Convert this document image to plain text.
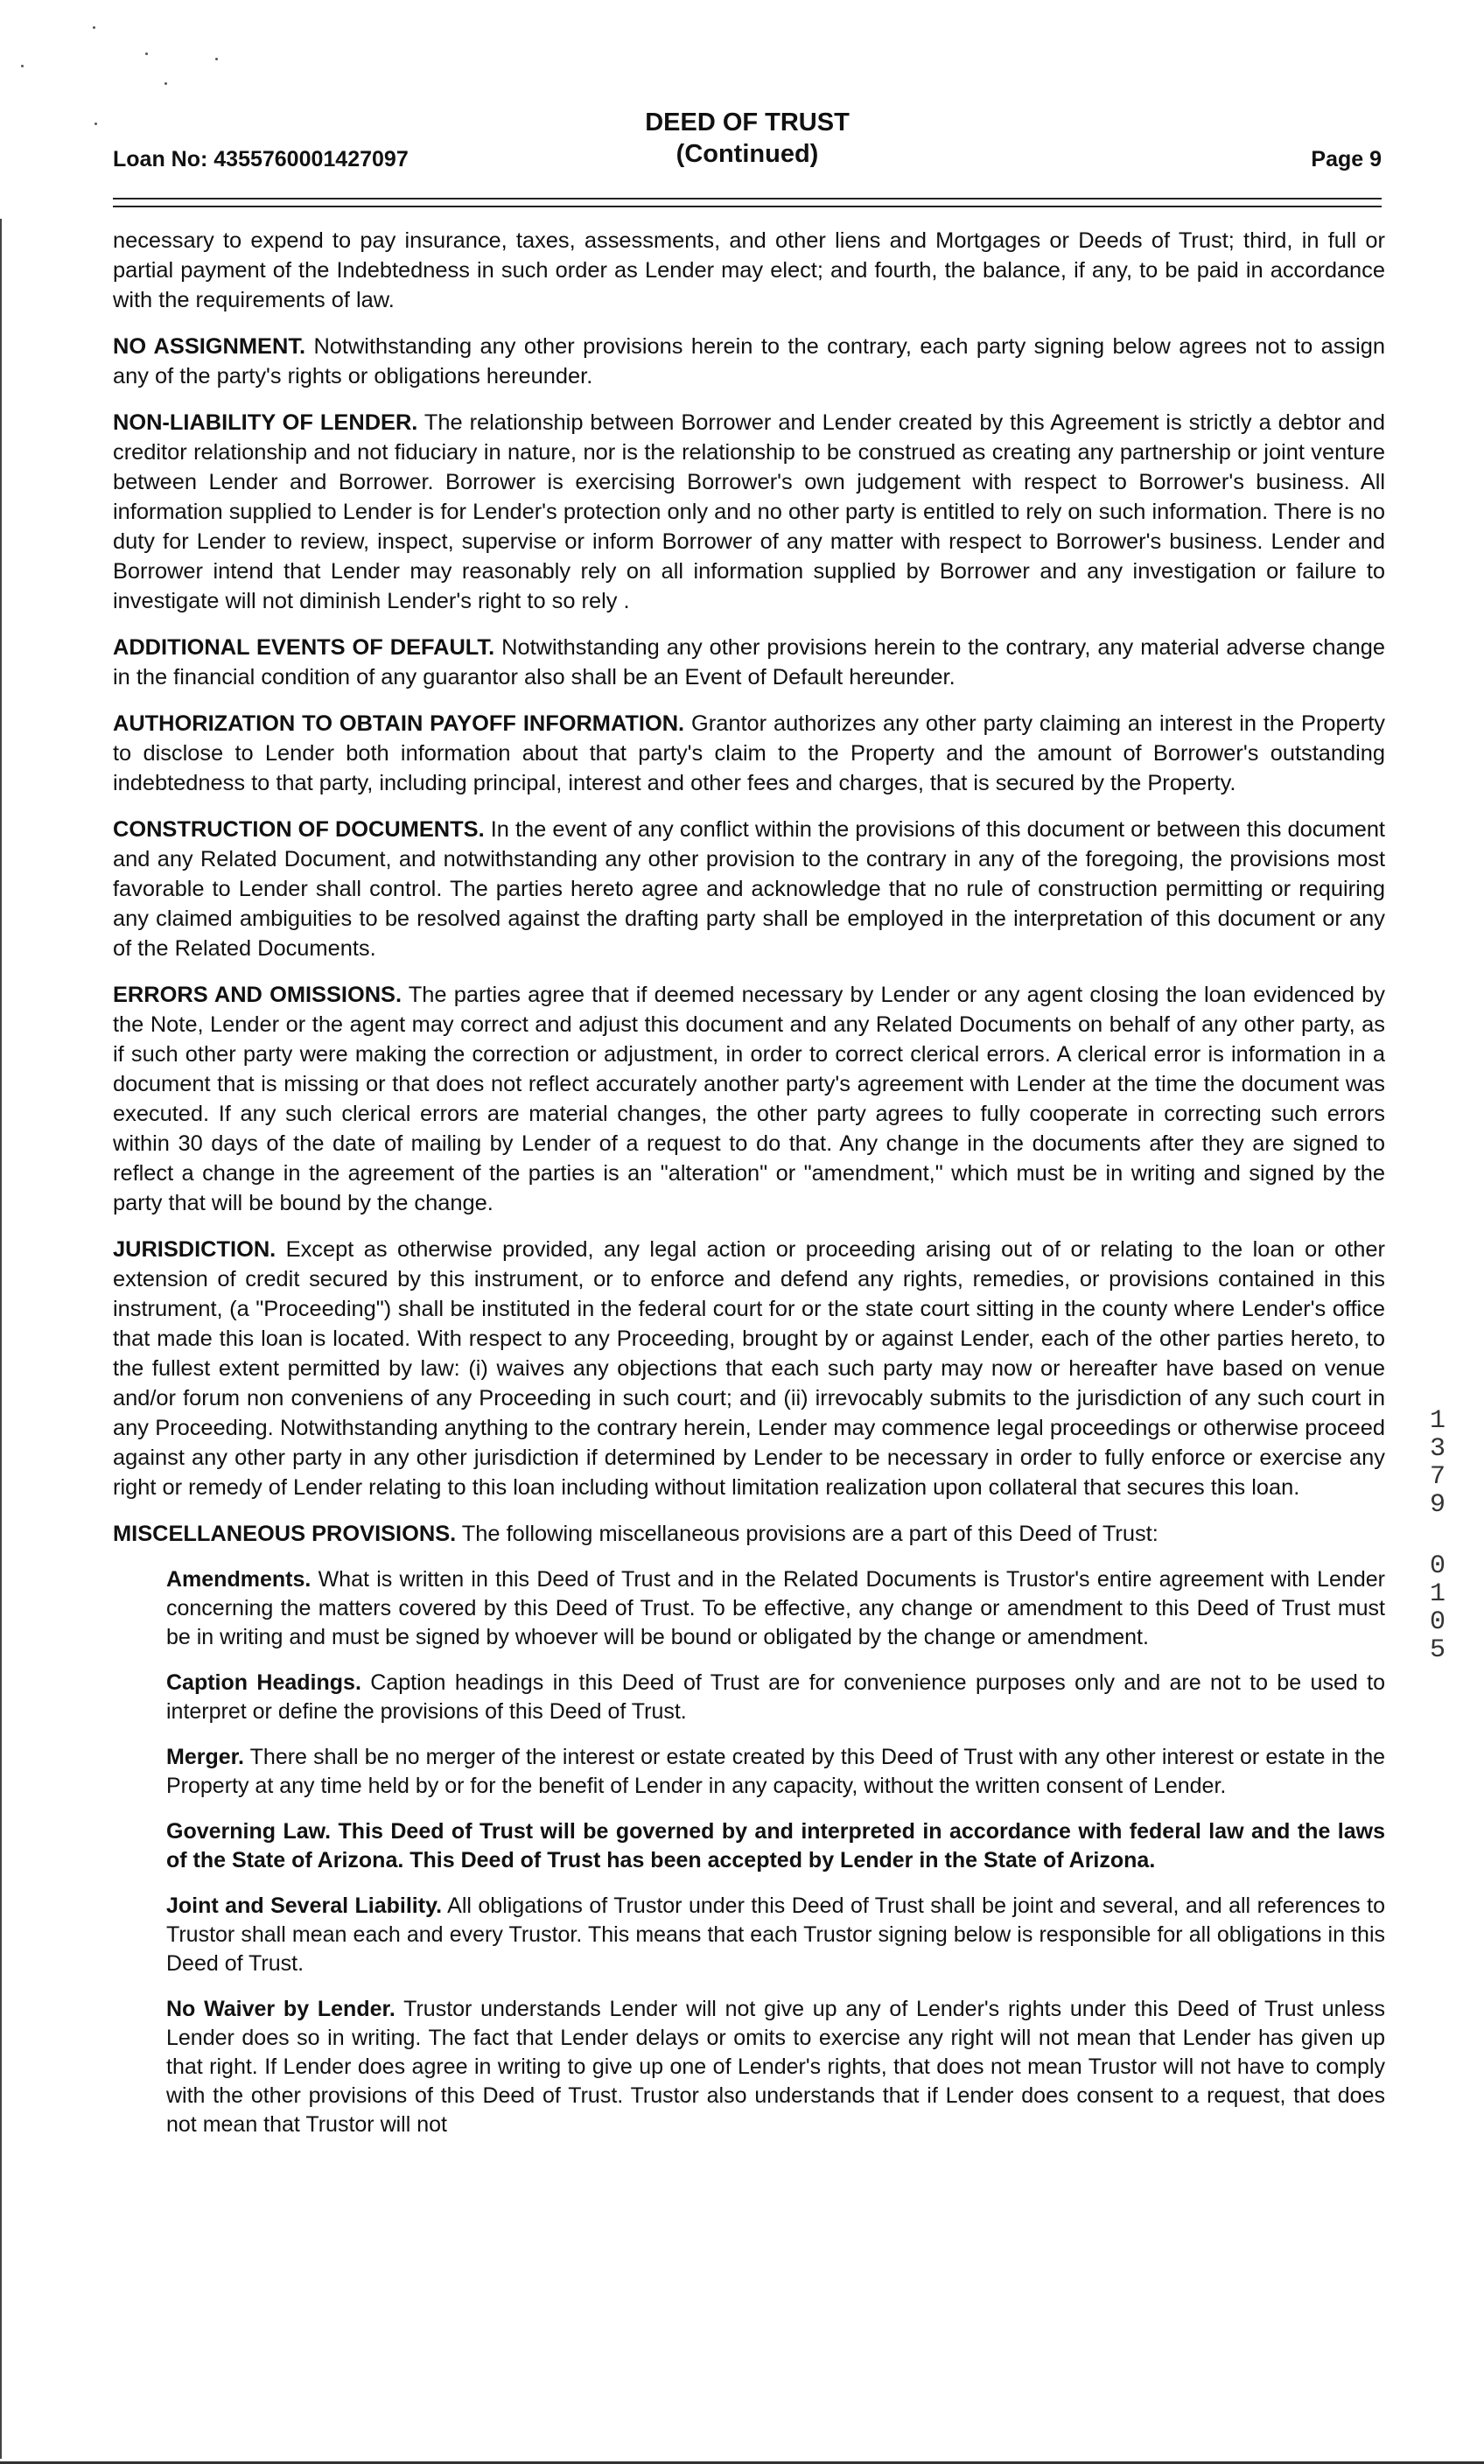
DEED OF TRUST
(Continued)
Loan No: 4355760001427097	Page 9

necessary to expend to pay insurance, taxes, assessments, and other liens and Mortgages or Deeds of Trust; third, in full or partial payment of the Indebtedness in such order as Lender may elect; and fourth, the balance, if any, to be paid in accordance with the requirements of law.

NO ASSIGNMENT. Notwithstanding any other provisions herein to the contrary, each party signing below agrees not to assign any of the party's rights or obligations hereunder.

NON-LIABILITY OF LENDER. The relationship between Borrower and Lender created by this Agreement is strictly a debtor and creditor relationship and not fiduciary in nature, nor is the relationship to be construed as creating any partnership or joint venture between Lender and Borrower. Borrower is exercising Borrower's own judgement with respect to Borrower's business. All information supplied to Lender is for Lender's protection only and no other party is entitled to rely on such information. There is no duty for Lender to review, inspect, supervise or inform Borrower of any matter with respect to Borrower's business. Lender and Borrower intend that Lender may reasonably rely on all information supplied by Borrower and any investigation or failure to investigate will not diminish Lender's right to so rely .

ADDITIONAL EVENTS OF DEFAULT. Notwithstanding any other provisions herein to the contrary, any material adverse change in the financial condition of any guarantor also shall be an Event of Default hereunder.

AUTHORIZATION TO OBTAIN PAYOFF INFORMATION. Grantor authorizes any other party claiming an interest in the Property to disclose to Lender both information about that party's claim to the Property and the amount of Borrower's outstanding indebtedness to that party, including principal, interest and other fees and charges, that is secured by the Property.

CONSTRUCTION OF DOCUMENTS. In the event of any conflict within the provisions of this document or between this document and any Related Document, and notwithstanding any other provision to the contrary in any of the foregoing, the provisions most favorable to Lender shall control. The parties hereto agree and acknowledge that no rule of construction permitting or requiring any claimed ambiguities to be resolved against the drafting party shall be employed in the interpretation of this document or any of the Related Documents.

ERRORS AND OMISSIONS. The parties agree that if deemed necessary by Lender or any agent closing the loan evidenced by the Note, Lender or the agent may correct and adjust this document and any Related Documents on behalf of any other party, as if such other party were making the correction or adjustment, in order to correct clerical errors. A clerical error is information in a document that is missing or that does not reflect accurately another party's agreement with Lender at the time the document was executed. If any such clerical errors are material changes, the other party agrees to fully cooperate in correcting such errors within 30 days of the date of mailing by Lender of a request to do that. Any change in the documents after they are signed to reflect a change in the agreement of the parties is an "alteration" or "amendment," which must be in writing and signed by the party that will be bound by the change.

JURISDICTION. Except as otherwise provided, any legal action or proceeding arising out of or relating to the loan or other extension of credit secured by this instrument, or to enforce and defend any rights, remedies, or provisions contained in this instrument, (a "Proceeding") shall be instituted in the federal court for or the state court sitting in the county where Lender's office that made this loan is located. With respect to any Proceeding, brought by or against Lender, each of the other parties hereto, to the fullest extent permitted by law: (i) waives any objections that each such party may now or hereafter have based on venue and/or forum non conveniens of any Proceeding in such court; and (ii) irrevocably submits to the jurisdiction of any such court in any Proceeding. Notwithstanding anything to the contrary herein, Lender may commence legal proceedings or otherwise proceed against any other party in any other jurisdiction if determined by Lender to be necessary in order to fully enforce or exercise any right or remedy of Lender relating to this loan including without limitation realization upon collateral that secures this loan.

MISCELLANEOUS PROVISIONS. The following miscellaneous provisions are a part of this Deed of Trust:

Amendments. What is written in this Deed of Trust and in the Related Documents is Trustor's entire agreement with Lender concerning the matters covered by this Deed of Trust. To be effective, any change or amendment to this Deed of Trust must be in writing and must be signed by whoever will be bound or obligated by the change or amendment.

Caption Headings. Caption headings in this Deed of Trust are for convenience purposes only and are not to be used to interpret or define the provisions of this Deed of Trust.

Merger. There shall be no merger of the interest or estate created by this Deed of Trust with any other interest or estate in the Property at any time held by or for the benefit of Lender in any capacity, without the written consent of Lender.

Governing Law. This Deed of Trust will be governed by and interpreted in accordance with federal law and the laws of the State of Arizona. This Deed of Trust has been accepted by Lender in the State of Arizona.

Joint and Several Liability. All obligations of Trustor under this Deed of Trust shall be joint and several, and all references to Trustor shall mean each and every Trustor. This means that each Trustor signing below is responsible for all obligations in this Deed of Trust.

No Waiver by Lender. Trustor understands Lender will not give up any of Lender's rights under this Deed of Trust unless Lender does so in writing. The fact that Lender delays or omits to exercise any right will not mean that Lender has given up that right. If Lender does agree in writing to give up one of Lender's rights, that does not mean Trustor will not have to comply with the other provisions of this Deed of Trust. Trustor also understands that if Lender does consent to a request, that does not mean that Trustor will not

1
3
7
9
0
1
0
5
